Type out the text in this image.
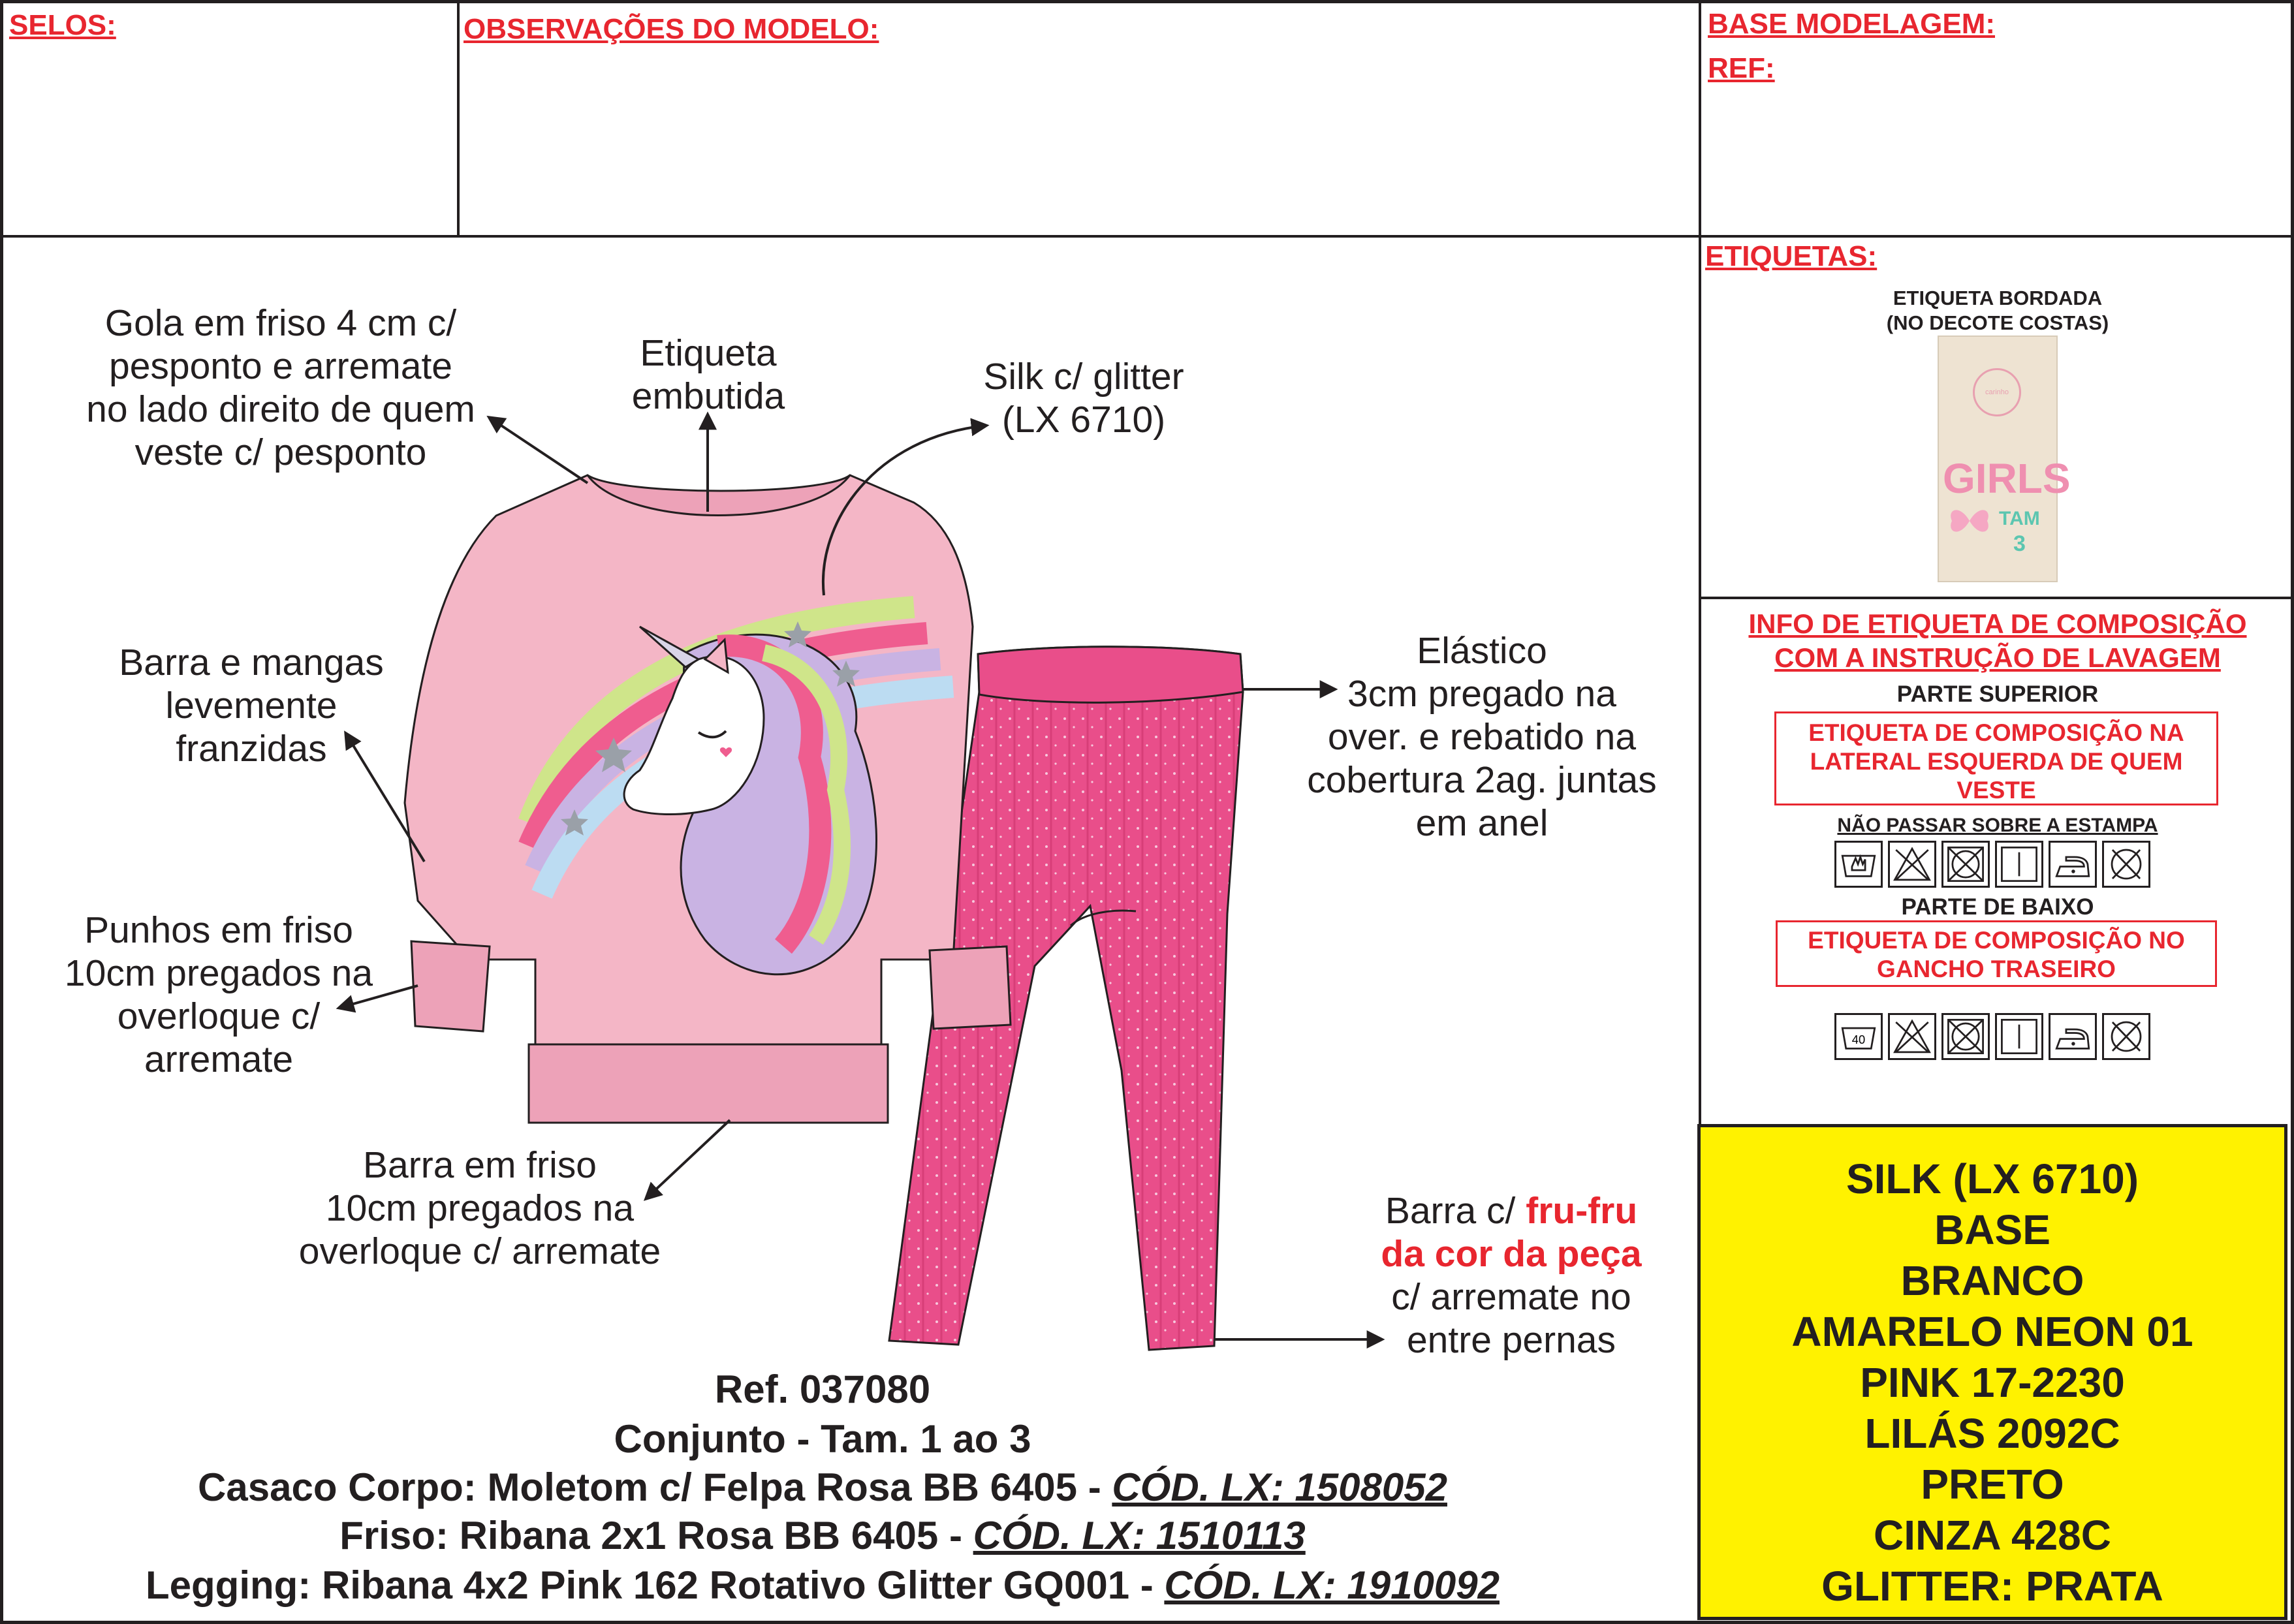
SELOS:	OBSERVAÇÕES DO MODELO:	BASE MODELAGEM:
REF:
ETIQUETAS:
ETIQUETA BORDADA
(NO DECOTE COSTAS)
carinho
GIRLS
TAM
3
INFO DE ETIQUETA DE COMPOSIÇÃO
COM A INSTRUÇÃO DE LAVAGEM
PARTE SUPERIOR
ETIQUETA DE COMPOSIÇÃO NA LATERAL ESQUERDA DE QUEM VESTE
NÃO PASSAR SOBRE A ESTAMPA
PARTE DE BAIXO
ETIQUETA DE COMPOSIÇÃO NO GANCHO TRASEIRO
40
Gola em friso 4 cm c/
pesponto e arremate
no lado direito de quem
veste c/ pesponto
Etiqueta
embutida	Silk c/ glitter
(LX 6710)
Barra e mangas
levemente
franzidas
Punhos em friso
10cm pregados na
overloque c/
arremate
Elástico
3cm pregado na
over. e rebatido na
cobertura 2ag. juntas
em anel
Barra em friso
10cm pregados na
overloque c/ arremate
Barra c/ fru-fru
da cor da peça
c/ arremate no
entre pernas
Ref. 037080
Conjunto - Tam. 1 ao 3
Casaco Corpo: Moletom c/ Felpa Rosa BB 6405 - CÓD. LX: 1508052
Friso: Ribana 2x1 Rosa BB 6405 - CÓD. LX: 1510113
Legging: Ribana 4x2 Pink 162 Rotativo Glitter GQ001 - CÓD. LX: 1910092
SILK (LX 6710)
BASE
BRANCO
AMARELO NEON 01
PINK 17-2230
LILÁS 2092C
PRETO
CINZA 428C
GLITTER: PRATA
